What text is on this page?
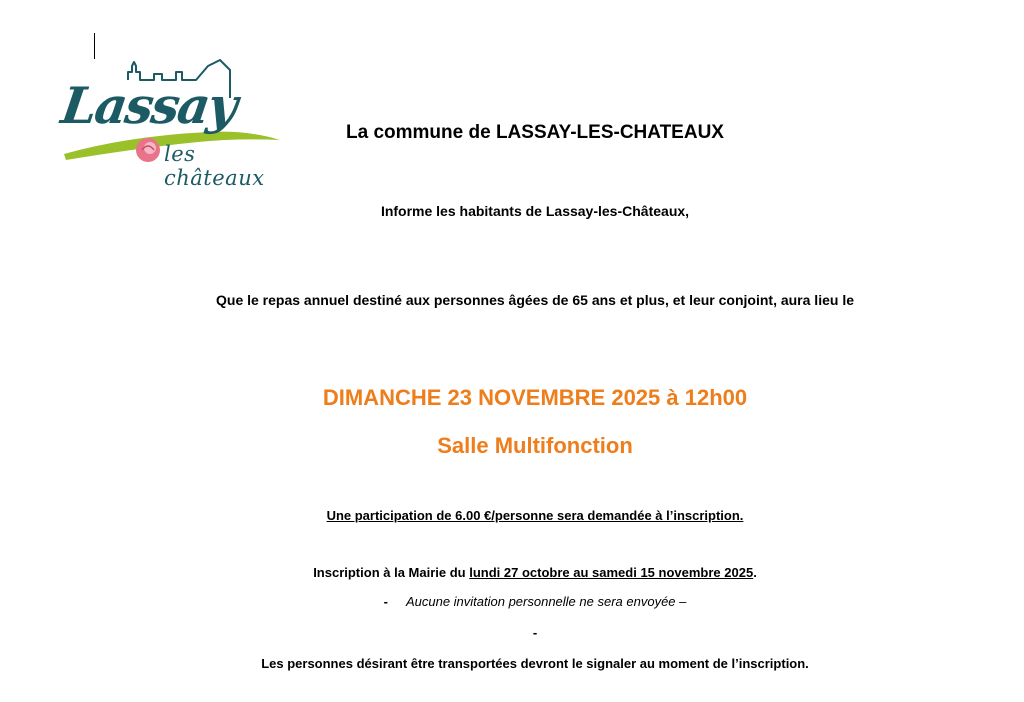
Lassay
les châteaux
La commune de LASSAY-LES-CHATEAUX
Informe les habitants de Lassay-les-Châteaux,
Que le repas annuel destiné aux personnes âgées de 65 ans et plus, et leur conjoint, aura lieu le
DIMANCHE 23 NOVEMBRE 2025 à 12h00
Salle Multifonction
Une participation de 6.00 €/personne sera demandée à l’inscription.
Inscription à la Mairie du lundi 27 octobre au samedi 15 novembre 2025.
- Aucune invitation personnelle ne sera envoyée –
-
Les personnes désirant être transportées devront le signaler au moment de l’inscription.
